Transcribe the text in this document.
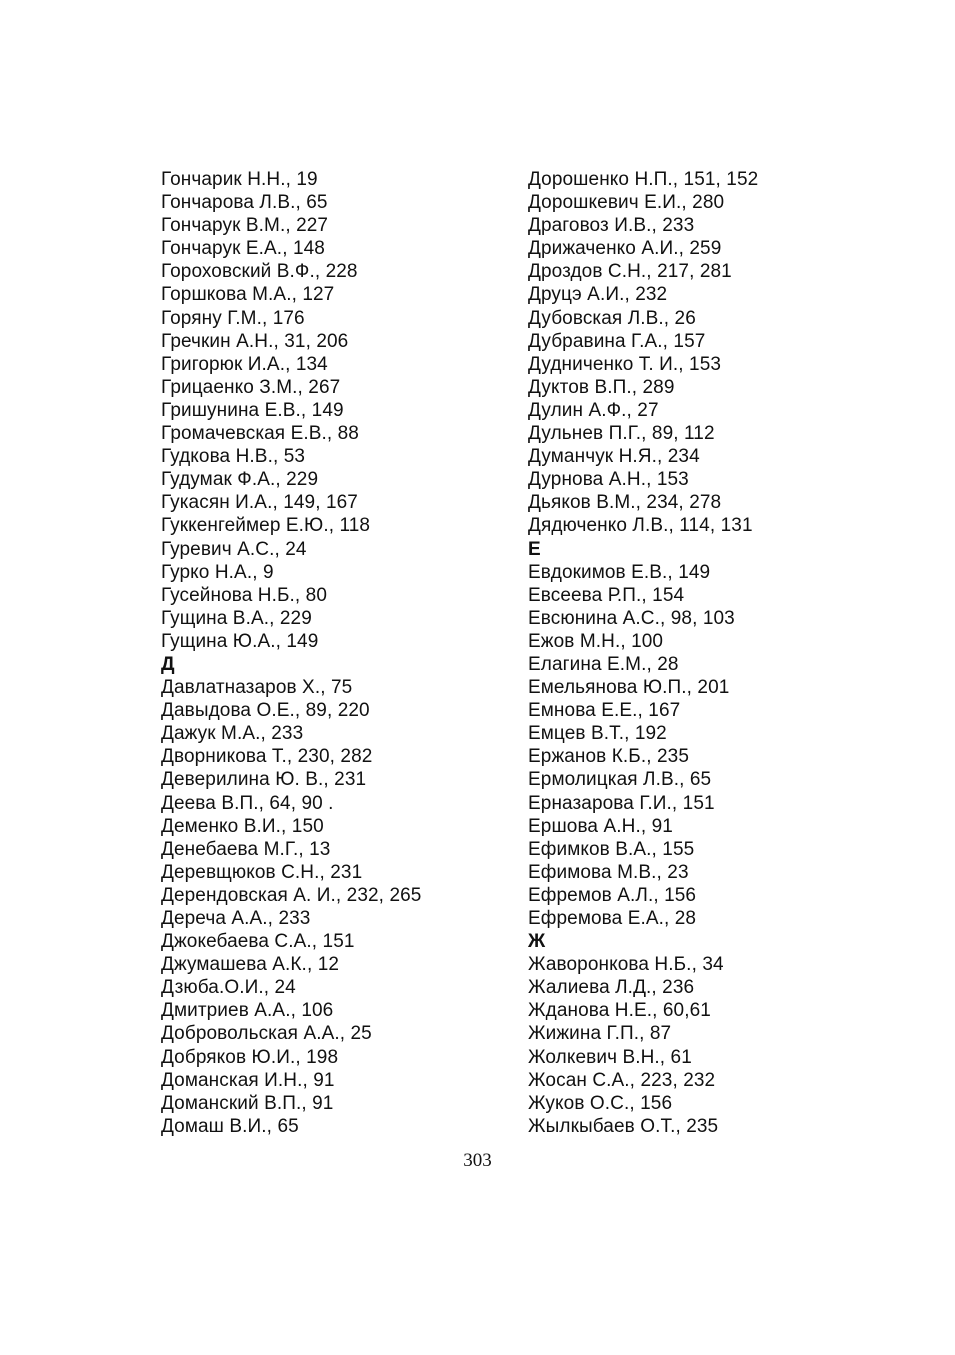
Гончарик Н.Н., 19
Гончарова Л.В., 65
Гончарук В.М., 227
Гончарук Е.А., 148
Гороховский В.Ф., 228
Горшкова М.А., 127
Горяну Г.М., 176
Гречкин А.Н., 31, 206
Григорюк И.А., 134
Грицаенко З.М., 267
Гришунина Е.В., 149
Громачевская Е.В., 88
Гудкова Н.В., 53
Гудумак Ф.А., 229
Гукасян И.А., 149, 167
Гуккенгеймер Е.Ю., 118
Гуревич А.С., 24
Гурко Н.А., 9
Гусейнова Н.Б., 80
Гущина В.А., 229
Гущина Ю.А., 149
Д
Давлатназаров Х., 75
Давыдова О.Е., 89, 220
Дажук М.А., 233
Дворникова Т., 230, 282
Деверилина Ю. В., 231
Деева В.П., 64, 90 .
Деменко В.И., 150
Денебаева М.Г., 13
Деревщюков С.Н., 231
Дерендовская А. И., 232, 265
Дереча А.А., 233
Джокебаева С.А., 151
Джумашева А.К., 12
Дзюба.О.И., 24
Дмитриев А.А., 106
Добровольская А.А., 25
Добряков Ю.И., 198
Доманская И.Н., 91
Доманский В.П., 91
Домаш В.И., 65
Дорошенко Н.П., 151, 152
Дорошкевич Е.И., 280
Драговоз И.В., 233
Дрижаченко А.И., 259
Дроздов С.Н., 217, 281
Друцэ А.И., 232
Дубовская Л.В., 26
Дубравина Г.А., 157
Дудниченко Т. И., 153
Дуктов В.П., 289
Дулин А.Ф., 27
Дульнев П.Г., 89, 112
Думанчук Н.Я., 234
Дурнова А.Н., 153
Дьяков В.М., 234, 278
Дядюченко Л.В., 114, 131
Е
Евдокимов Е.В., 149
Евсеева Р.П., 154
Евсюнина А.С., 98, 103
Ежов М.Н., 100
Елагина Е.М., 28
Емельянова Ю.П., 201
Емнова Е.Е., 167
Емцев В.Т., 192
Ержанов К.Б., 235
Ермолицкая Л.В., 65
Ерназарова Г.И., 151
Ершова А.Н., 91
Ефимков В.А., 155
Ефимова М.В., 23
Ефремов А.Л., 156
Ефремова Е.А., 28
Ж
Жаворонкова Н.Б., 34
Жалиева Л.Д., 236
Жданова Н.Е., 60,61
Жижина Г.П., 87
Жолкевич В.Н., 61
Жосан С.А., 223, 232
Жуков О.С., 156
Жылкыбаев О.Т., 235
303
